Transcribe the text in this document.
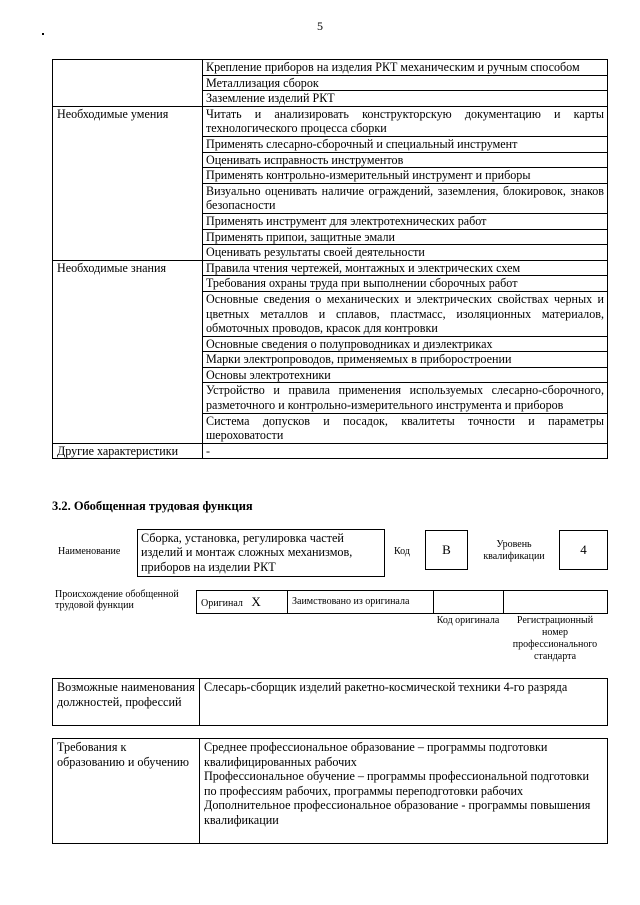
5
	Крепление приборов на изделия РКТ механическим и ручным способом
	Металлизация сборок
	Заземление изделий РКТ
Необходимые умения	Читать и анализировать конструкторскую документацию и карты технологического процесса сборки
	Применять слесарно-сборочный и специальный инструмент
	Оценивать исправность инструментов
	Применять контрольно-измерительный инструмент и приборы
	Визуально оценивать наличие ограждений, заземления, блокировок, знаков безопасности
	Применять инструмент для электротехнических работ
	Применять припои, защитные эмали
	Оценивать результаты своей деятельности
Необходимые знания	Правила чтения чертежей, монтажных и электрических схем
	Требования охраны труда при выполнении сборочных работ
	Основные сведения о механических и электрических свойствах черных и цветных металлов и сплавов, пластмасс, изоляционных материалов, обмоточных проводов, красок для контровки
	Основные сведения о полупроводниках и диэлектриках
	Марки электропроводов, применяемых в приборостроении
	Основы электротехники
	Устройство и правила применения используемых слесарно-сборочного, разметочного и контрольно-измерительного инструмента и приборов
	Система допусков и посадок, квалитеты точности и параметры шероховатости
Другие характеристики	-
3.2. Обобщенная трудовая функция
Наименование
Сборка, установка, регулировка частей изделий и монтаж сложных механизмов, приборов на изделии РКТ
Код	B	Уровень квалификации	4
Происхождение обобщенной трудовой функции	Оригинал X	Заимствовано из оригинала
Код оригинала	Регистрационный номер профессионального стандарта
Возможные наименования должностей, профессий	Слесарь-сборщик изделий ракетно-космической техники 4-го разряда
Требования к образованию и обучению	
Среднее профессиональное образование – программы подготовки квалифицированных рабочих
Профессиональное обучение – программы профессиональной подготовки по профессиям рабочих, программы переподготовки рабочих
Дополнительное профессиональное образование - программы повышения квалификации
